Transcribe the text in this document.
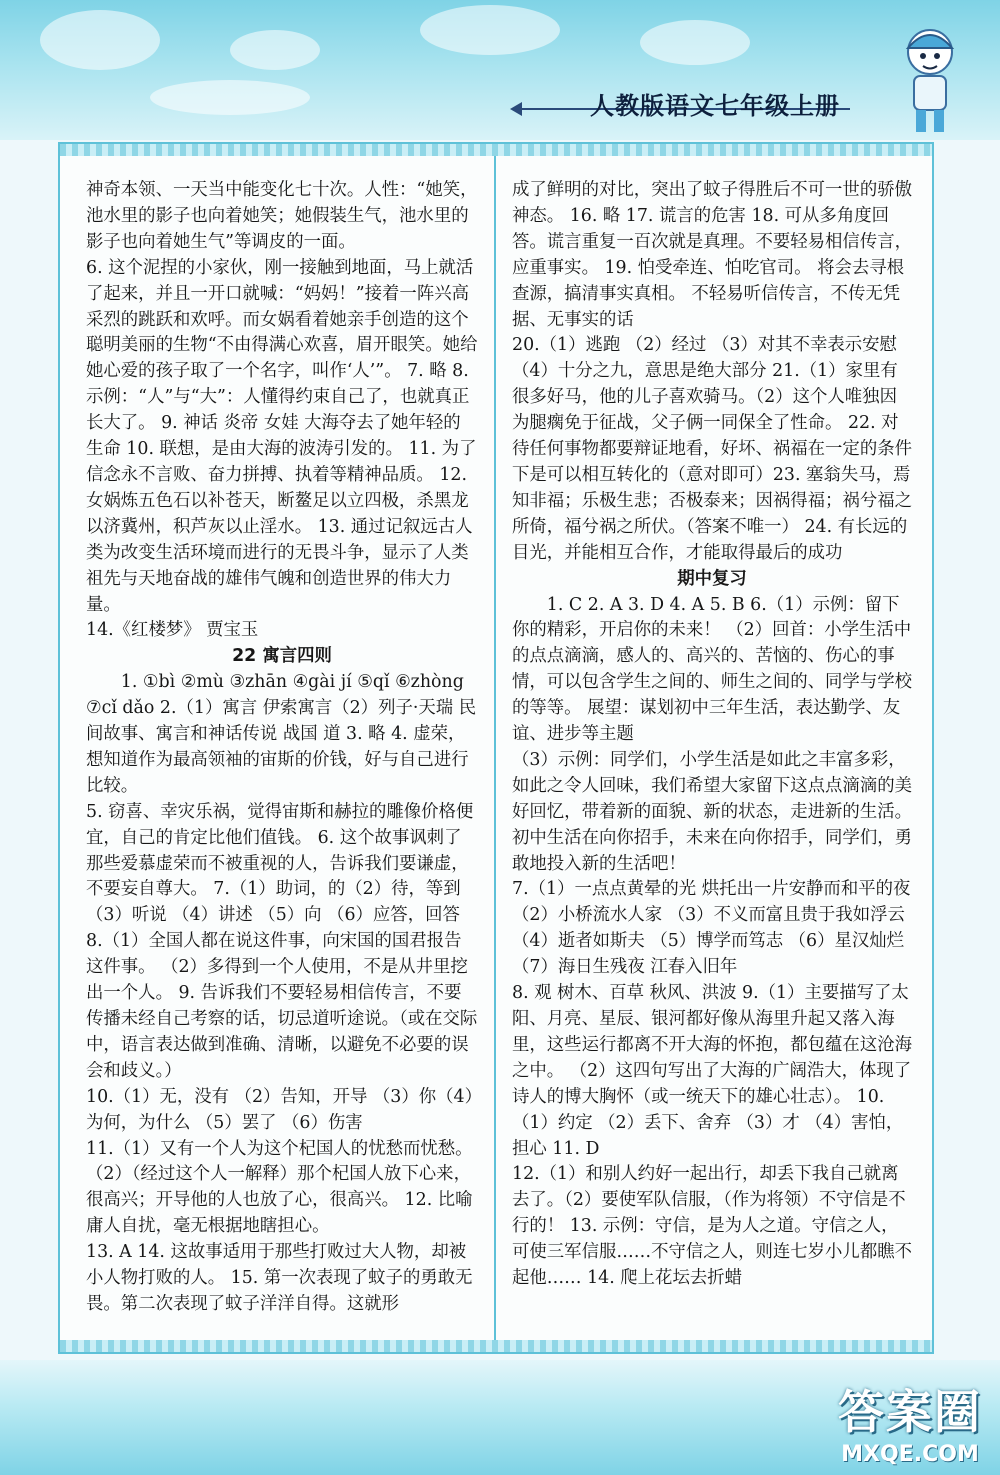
人教版语文七年级上册

神奇本领、一天当中能变化七十次。人性：“她笑，池水里的影子也向着她笑；她假装生气，池水里的影子也向着她生气”等调皮的一面。

6. 这个泥捏的小家伙，刚一接触到地面，马上就活了起来，并且一开口就喊：“妈妈！”接着一阵兴高采烈的跳跃和欢呼。而女娲看着她亲手创造的这个聪明美丽的生物“不由得满心欢喜，眉开眼笑。她给她心爱的孩子取了一个名字，叫作‘人’”。 7. 略 8. 示例：“人”与“大”：人懂得约束自己了，也就真正长大了。 9. 神话 炎帝 女娃 大海夺去了她年轻的生命 10. 联想，是由大海的波涛引发的。 11. 为了信念永不言败、奋力拼搏、执着等精神品质。 12. 女娲炼五色石以补苍天，断鳌足以立四极，杀黑龙以济冀州，积芦灰以止淫水。 13. 通过记叙远古人类为改变生活环境而进行的无畏斗争，显示了人类祖先与天地奋战的雄伟气魄和创造世界的伟大力量。

14.《红楼梦》 贾宝玉

22 寓言四则

1. ①bì ②mù ③zhān ④gài jí ⑤qǐ ⑥zhòng ⑦cǐ dǎo 2.（1）寓言 伊索寓言（2）列子·天瑞 民间故事、寓言和神话传说 战国 道 3. 略 4. 虚荣，想知道作为最高领袖的宙斯的价钱，好与自己进行比较。

5. 窃喜、幸灾乐祸，觉得宙斯和赫拉的雕像价格便宜，自己的肯定比他们值钱。 6. 这个故事讽刺了那些爱慕虚荣而不被重视的人，告诉我们要谦虚，不要妄自尊大。 7.（1）助词，的（2）待，等到 （3）听说 （4）讲述 （5）向 （6）应答，回答 8.（1）全国人都在说这件事，向宋国的国君报告这件事。 （2）多得到一个人使用，不是从井里挖出一个人。 9. 告诉我们不要轻易相信传言，不要传播未经自己考察的话，切忌道听途说。（或在交际中，语言表达做到准确、清晰，以避免不必要的误会和歧义。）

10.（1）无，没有 （2）告知，开导 （3）你（4）为何，为什么 （5）罢了 （6）伤害

11.（1）又有一个人为这个杞国人的忧愁而忧愁。 （2）（经过这个人一解释）那个杞国人放下心来，很高兴；开导他的人也放了心，很高兴。 12. 比喻庸人自扰，毫无根据地瞎担心。

13. A 14. 这故事适用于那些打败过大人物，却被小人物打败的人。 15. 第一次表现了蚊子的勇敢无畏。第二次表现了蚊子洋洋自得。这就形

成了鲜明的对比，突出了蚊子得胜后不可一世的骄傲神态。 16. 略 17. 谎言的危害 18. 可从多角度回答。谎言重复一百次就是真理。不要轻易相信传言，应重事实。 19. 怕受牵连、怕吃官司。 将会去寻根查源，搞清事实真相。 不轻易听信传言，不传无凭据、无事实的话

20.（1）逃跑 （2）经过 （3）对其不幸表示安慰 （4）十分之九，意思是绝大部分 21.（1）家里有很多好马，他的儿子喜欢骑马。（2）这个人唯独因为腿瘸免于征战，父子俩一同保全了性命。 22. 对待任何事物都要辩证地看，好坏、祸福在一定的条件下是可以相互转化的（意对即可）23. 塞翁失马，焉知非福；乐极生悲；否极泰来；因祸得福；祸兮福之所倚，福兮祸之所伏。（答案不唯一） 24. 有长远的目光，并能相互合作，才能取得最后的成功

期中复习

1. C 2. A 3. D 4. A 5. B 6.（1）示例：留下你的精彩，开启你的未来！ （2）回首：小学生活中的点点滴滴，感人的、高兴的、苦恼的、伤心的事情，可以包含学生之间的、师生之间的、同学与学校的等等。 展望：谋划初中三年生活，表达勤学、友谊、进步等主题

（3）示例：同学们，小学生活是如此之丰富多彩，如此之令人回味，我们希望大家留下这点点滴滴的美好回忆，带着新的面貌、新的状态，走进新的生活。初中生活在向你招手，未来在向你招手，同学们，勇敢地投入新的生活吧！

7.（1）一点点黄晕的光 烘托出一片安静而和平的夜 （2）小桥流水人家 （3）不义而富且贵于我如浮云 （4）逝者如斯夫 （5）博学而笃志 （6）星汉灿烂 （7）海日生残夜 江春入旧年

8. 观 树木、百草 秋风、洪波 9.（1）主要描写了太阳、月亮、星辰、银河都好像从海里升起又落入海里，这些运行都离不开大海的怀抱，都包蕴在这沧海之中。 （2）这四句写出了大海的广阔浩大，体现了诗人的博大胸怀（或一统天下的雄心壮志）。 10.（1）约定 （2）丢下、舍弃 （3）才 （4）害怕，担心 11. D

12.（1）和别人约好一起出行，却丢下我自己就离去了。（2）要使军队信服，（作为将领）不守信是不行的！ 13. 示例：守信，是为人之道。守信之人，可使三军信服……不守信之人，则连七岁小儿都瞧不起他…… 14. 爬上花坛去折蜡

答案圈
MXQE.COM
